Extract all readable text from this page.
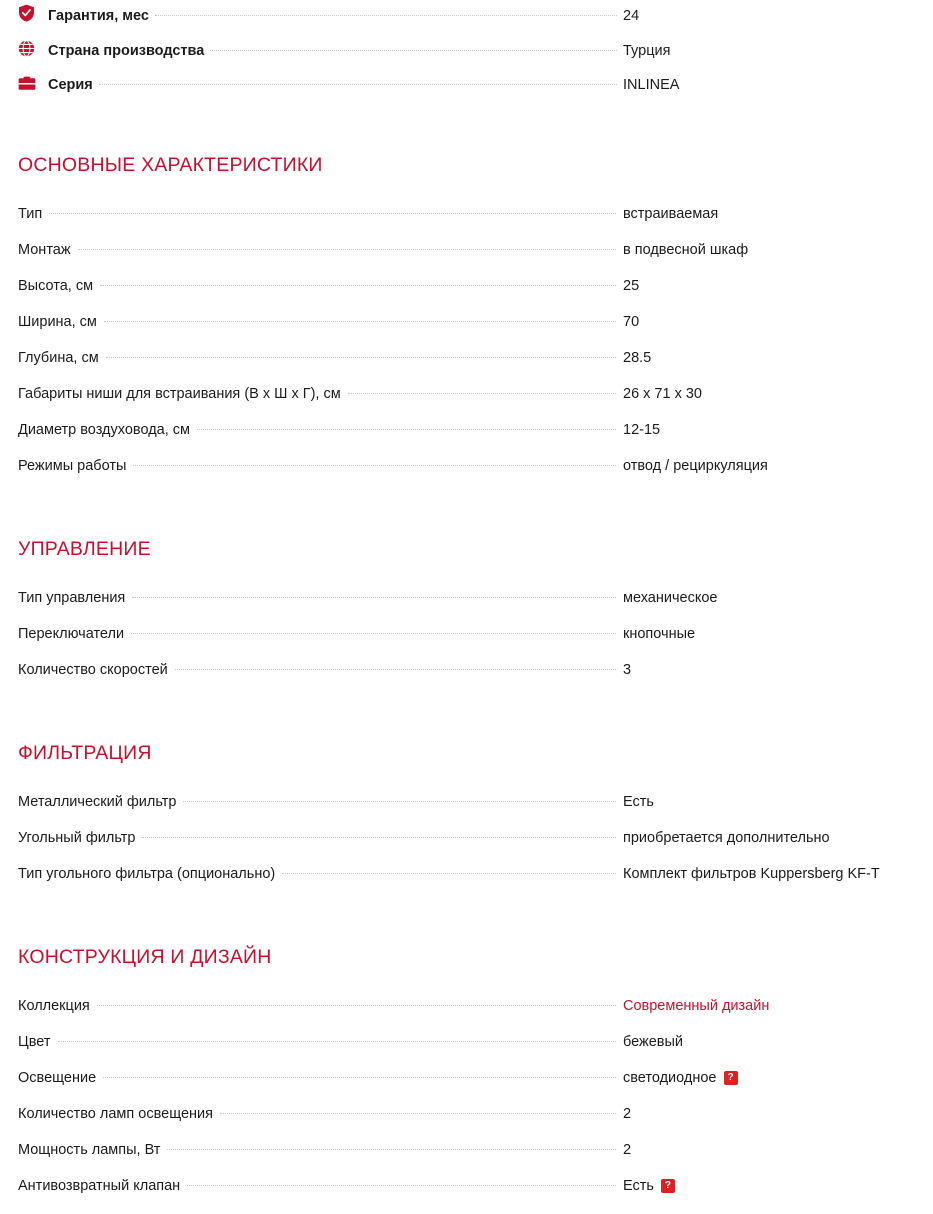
Гарантия, мес	24
Страна производства	Турция
Серия	INLINEA
ОСНОВНЫЕ ХАРАКТЕРИСТИКИ
Тип	встраиваемая
Монтаж	в подвесной шкаф
Высота, см	25
Ширина, см	70
Глубина, см	28.5
Габариты ниши для встраивания (В х Ш х Г), см	26 x 71 x 30
Диаметр воздуховода, см	12-15
Режимы работы	отвод / рециркуляция
УПРАВЛЕНИЕ
Тип управления	механическое
Переключатели	кнопочные
Количество скоростей	3
ФИЛЬТРАЦИЯ
Металлический фильтр	Есть
Угольный фильтр	приобретается дополнительно
Тип угольного фильтра (опционально)	Комплект фильтров Kuppersberg KF-T
КОНСТРУКЦИЯ И ДИЗАЙН
Коллекция	Современный дизайн
Цвет	бежевый
Освещение	светодиодное	?
Количество ламп освещения	2
Мощность лампы, Вт	2
Антивозвратный клапан	Есть	?
